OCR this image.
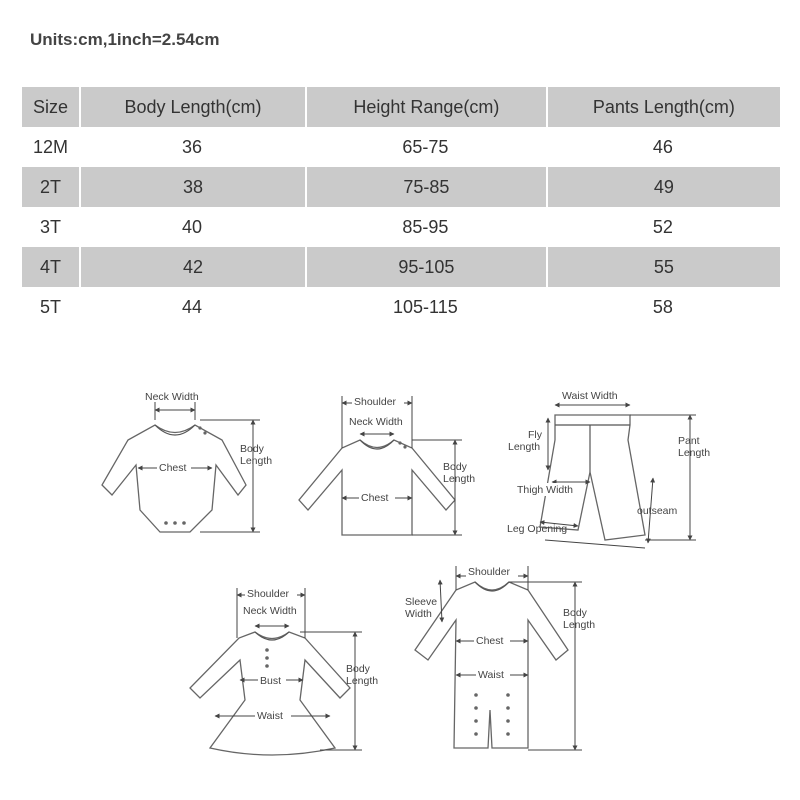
Units:cm,1inch=2.54cm
Size	Body Length(cm)	Height Range(cm)	Pants Length(cm)
12M	36	65-75	46
2T	38	75-85	49
3T	40	85-95	52
4T	42	95-105	55
5T	44	105-115	58
Neck Width
Chest
Body
Length
Shoulder
Neck Width
Chest
Body
Length
Waist Width
Fly
Length	Pant
Length
Thigh Width
outseam
Leg Opening
Shoulder
Neck Width
Bust
Waist
Body
Length
Shoulder
Sleeve
Width
Chest
Waist
Body
Length
